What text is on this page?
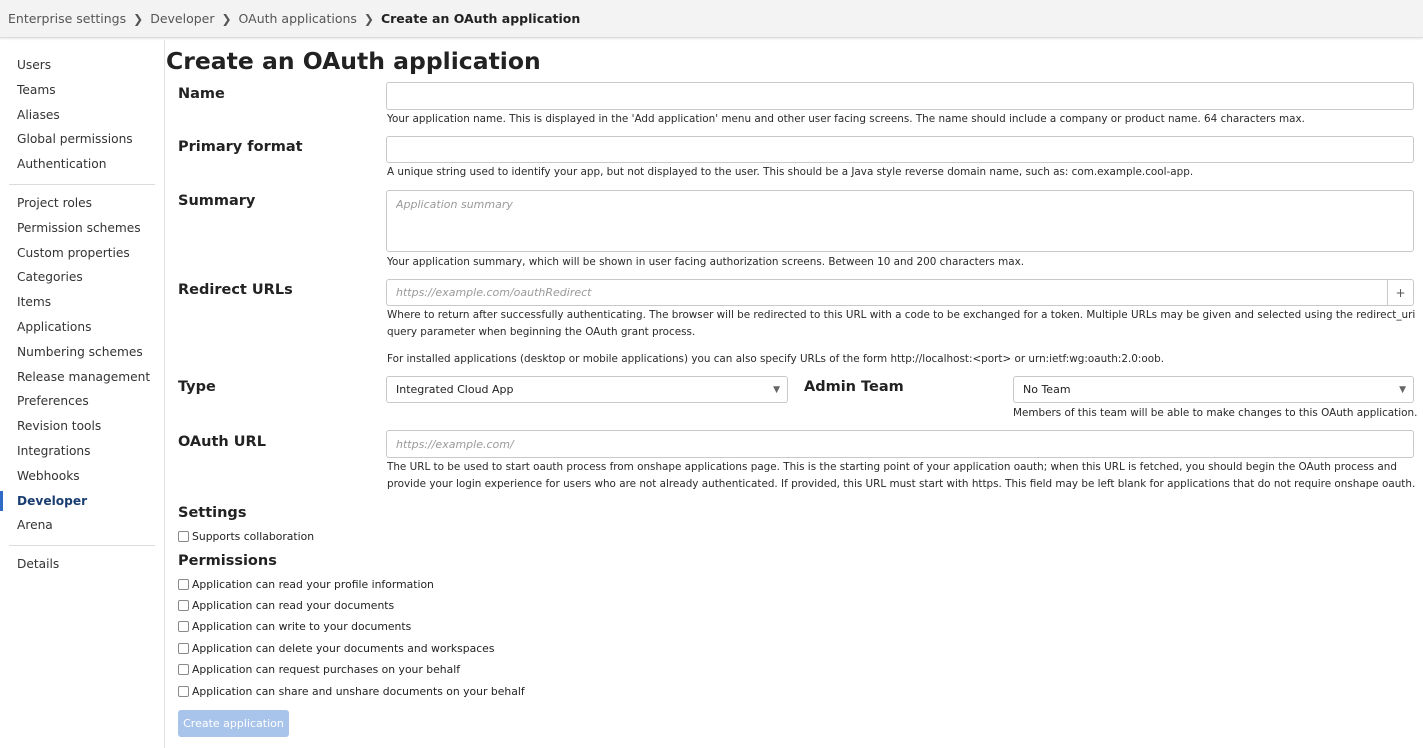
Enterprise settings ❯ Developer ❯ OAuth applications ❯ Create an OAuth application
Users
Teams
Aliases
Global permissions
Authentication
Project roles
Permission schemes
Custom properties
Categories
Items
Applications
Numbering schemes
Release management
Preferences
Revision tools
Integrations
Webhooks
Developer
Arena
Details
Create an OAuth application
Name
Your application name. This is displayed in the 'Add application' menu and other user facing screens. The name should include a company or product name. 64 characters max.
Primary format
A unique string used to identify your app, but not displayed to the user. This should be a Java style reverse domain name, such as: com.example.cool-app.
Summary
Application summary
Your application summary, which will be shown in user facing authorization screens. Between 10 and 200 characters max.
Redirect URLs
https://example.com/oauthRedirect	+
Where to return after successfully authenticating. The browser will be redirected to this URL with a code to be exchanged for a token. Multiple URLs may be given and selected using the redirect_uri query parameter when beginning the OAuth grant process.
For installed applications (desktop or mobile applications) you can also specify URLs of the form http://localhost:<port> or urn:ietf:wg:oauth:2.0:oob.
Type	Integrated Cloud App	▼ Admin Team	No Team	▼
Members of this team will be able to make changes to this OAuth application.
OAuth URL
https://example.com/
The URL to be used to start oauth process from onshape applications page. This is the starting point of your application oauth; when this URL is fetched, you should begin the OAuth process and provide your login experience for users who are not already authenticated. If provided, this URL must start with https. This field may be left blank for applications that do not require onshape oauth.
Settings
Supports collaboration
Permissions
Application can read your profile information
Application can read your documents
Application can write to your documents
Application can delete your documents and workspaces
Application can request purchases on your behalf
Application can share and unshare documents on your behalf
Create application
